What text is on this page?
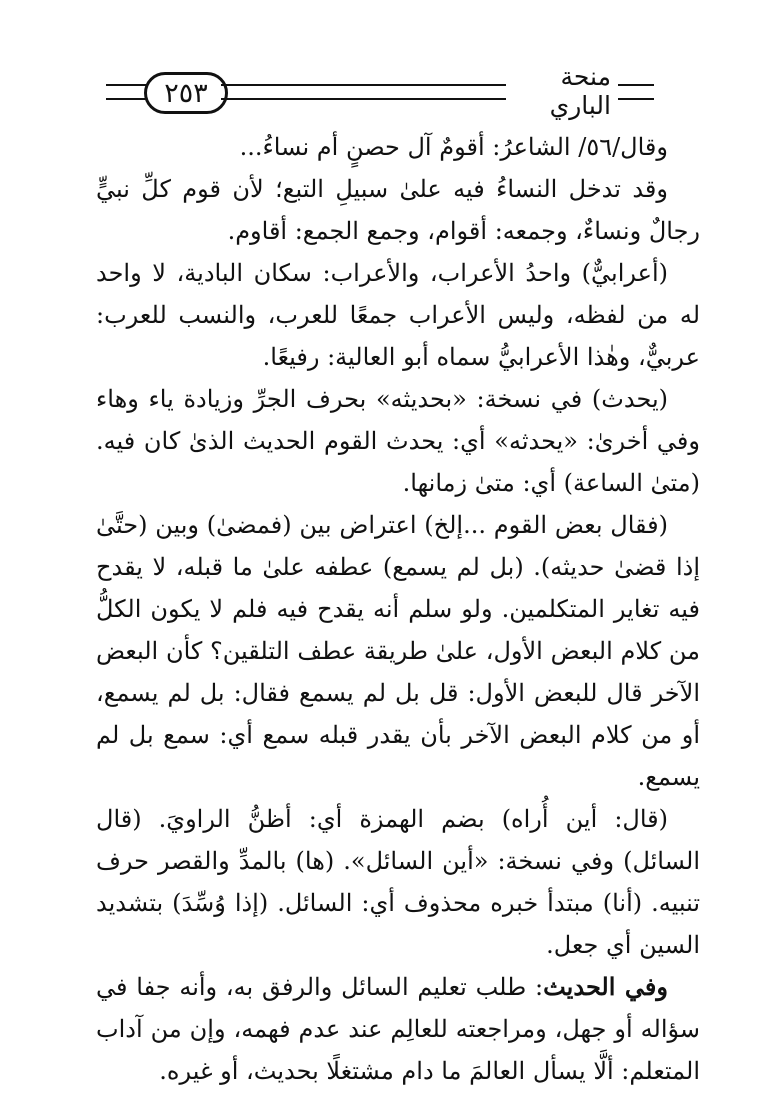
٢٥٣
منحة الباري

وقال/٥٦/ الشاعرُ: أقومٌ آل حصنٍ أم نساءُ...

وقد تدخل النساءُ فيه علىٰ سبيلِ التبع؛ لأن قوم كلِّ نبيٍّ رجالٌ ونساءٌ، وجمعه: أقوام، وجمع الجمع: أقاوم.

(أعرابيٌّ) واحدُ الأعراب، والأعراب: سكان البادية، لا واحد له من لفظه، وليس الأعراب جمعًا للعرب، والنسب للعرب: عربيٌّ، وهٰذا الأعرابيُّ سماه أبو العالية: رفيعًا.

(يحدث) في نسخة: «بحديثه» بحرف الجرِّ وزيادة ياء وهاء وفي أخرىٰ: «يحدثه» أي: يحدث القوم الحديث الذىٰ كان فيه. (متىٰ الساعة) أي: متىٰ زمانها.

(فقال بعض القوم ...إلخ) اعتراض بين (فمضىٰ) وبين (حتَّىٰ إذا قضىٰ حديثه). (بل لم يسمع) عطفه علىٰ ما قبله، لا يقدح فيه تغاير المتكلمين. ولو سلم أنه يقدح فيه فلم لا يكون الكلُّ من كلام البعض الأول، علىٰ طريقة عطف التلقين؟ كأن البعض الآخر قال للبعض الأول: قل بل لم يسمع فقال: بل لم يسمع، أو من كلام البعض الآخر بأن يقدر قبله سمع أي: سمع بل لم يسمع.

(قال: أين أُراه) بضم الهمزة أي: أظنُّ الراويَ. (قال السائل) وفي نسخة: «أين السائل». (ها) بالمدِّ والقصر حرف تنبيه. (أنا) مبتدأ خبره محذوف أي: السائل. (إذا وُسِّدَ) بتشديد السين أي جعل.

وفي الحديث: طلب تعليم السائل والرفق به، وأنه جفا في سؤاله أو جهل، ومراجعته للعالِم عند عدم فهمه، وإن من آداب المتعلم: ألَّا يسأل العالمَ ما دام مشتغلًا بحديث، أو غيره.
